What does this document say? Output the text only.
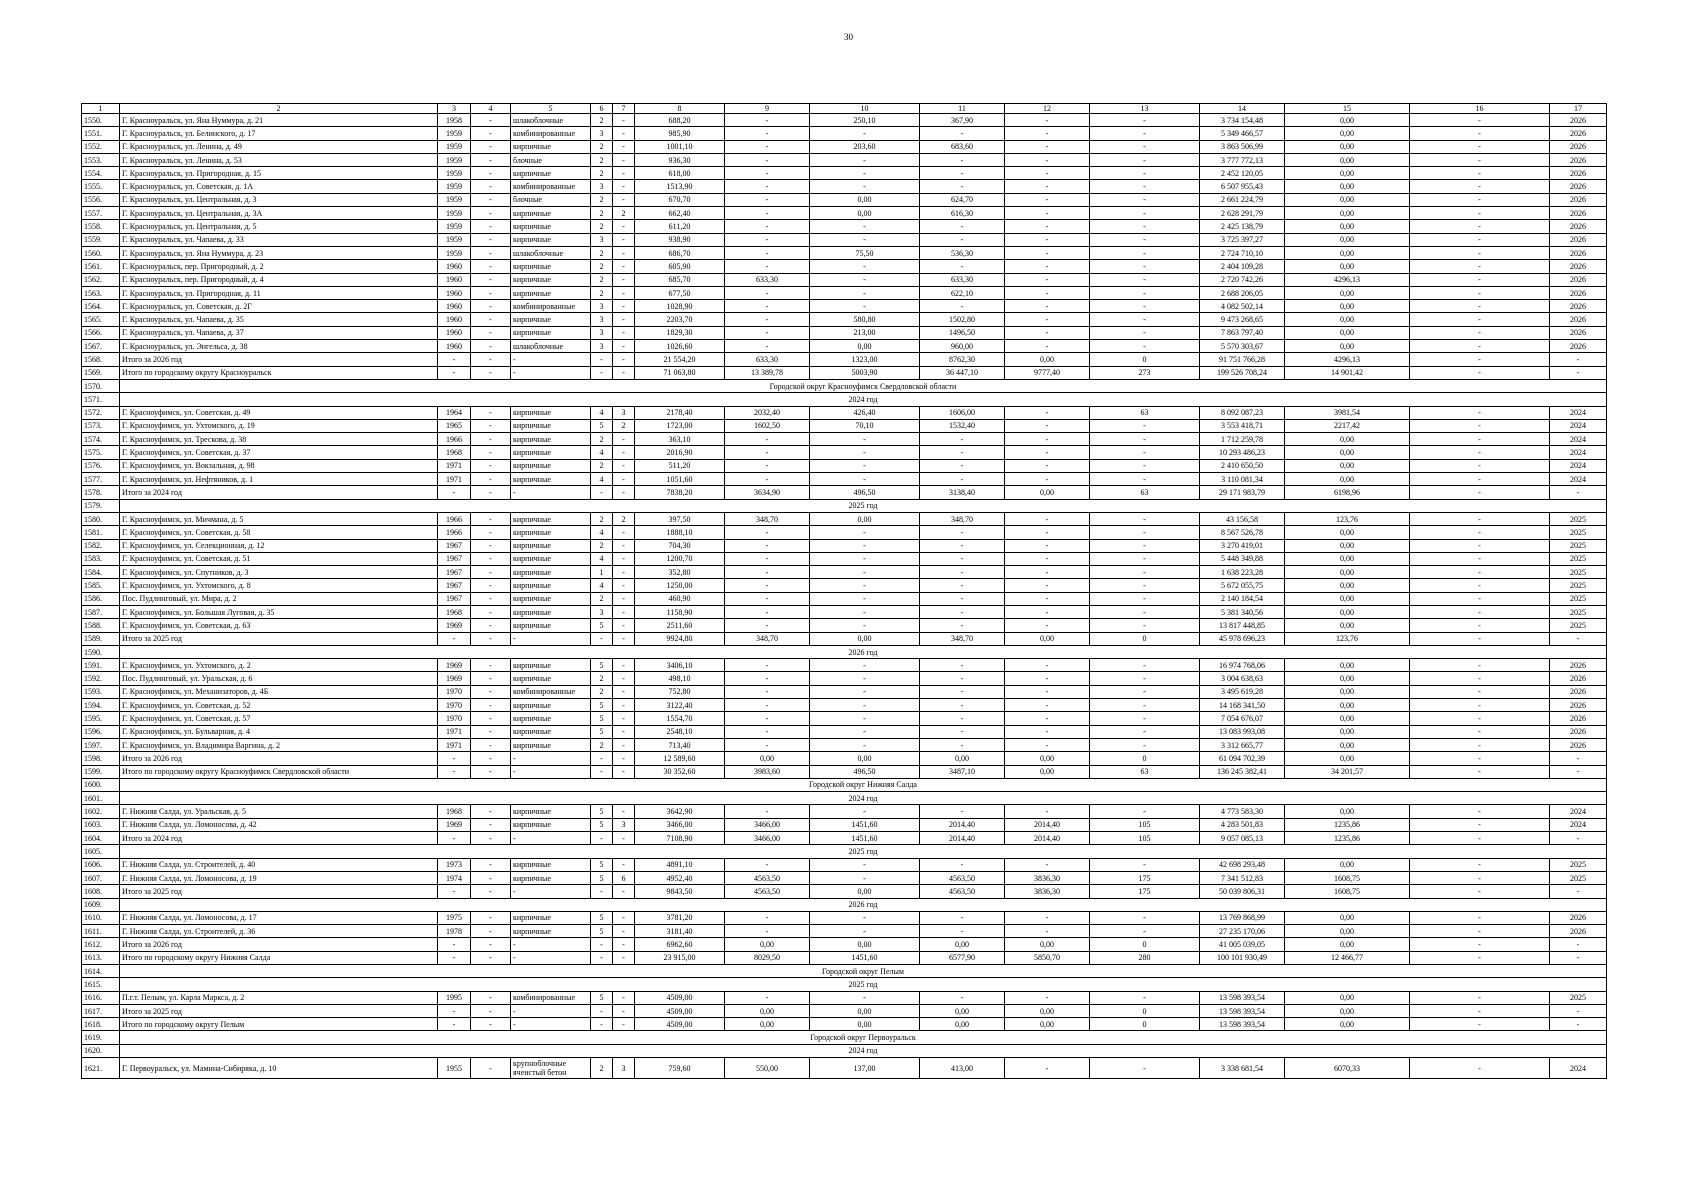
30
1	2	3	4	5	6	7	8	9	10	11	12	13	14	15	16	17
1550.	Г. Красноуральск, ул. Яна Нуммура, д. 21	1958	-	шлакоблочные	2	-	688,20	-	250,10	367,90	-	-	3 734 154,48	0,00	-	2026
1551.	Г. Красноуральск, ул. Белинского, д. 17	1959	-	комбинированные	3	-	985,90	-	-	-	-	-	5 349 466,57	0,00	-	2026
1552.	Г. Красноуральск, ул. Ленина, д. 49	1959	-	кирпичные	2	-	1001,10	-	203,60	683,60	-	-	3 863 506,99	0,00	-	2026
1553.	Г. Красноуральск, ул. Ленина, д. 53	1959	-	блочные	2	-	936,30	-	-	-	-	-	3 777 772,13	0,00	-	2026
1554.	Г. Красноуральск, ул. Пригородная, д. 15	1959	-	кирпичные	2	-	618,00	-	-	-	-	-	2 452 120,05	0,00	-	2026
1555.	Г. Красноуральск, ул. Советская, д. 1А	1959	-	комбинированные	3	-	1513,90	-	-	-	-	-	6 507 955,43	0,00	-	2026
1556.	Г. Красноуральск, ул. Центральная, д. 3	1959	-	блочные	2	-	670,70	-	0,00	624,70	-	-	2 661 224,79	0,00	-	2026
1557.	Г. Красноуральск, ул. Центральная, д. 3А	1959	-	кирпичные	2	2	662,40	-	0,00	616,30	-	-	2 628 291,79	0,00	-	2026
1558.	Г. Красноуральск, ул. Центральная, д. 5	1959	-	кирпичные	2	-	611,20	-	-	-	-	-	2 425 138,79	0,00	-	2026
1559.	Г. Красноуральск, ул. Чапаева, д. 33	1959	-	кирпичные	3	-	938,90	-	-	-	-	-	3 725 397,27	0,00	-	2026
1560.	Г. Красноуральск, ул. Яна Нуммура, д. 23	1959	-	шлакоблочные	2	-	686,70	-	75,50	536,30	-	-	2 724 710,10	0,00	-	2026
1561.	Г. Красноуральск, пер. Пригородный, д. 2	1960	-	кирпичные	2	-	605,90	-	-	-	-	-	2 404 109,28	0,00	-	2026
1562.	Г. Красноуральск, пер. Пригородный, д. 4	1960	-	кирпичные	2	-	685,70	633,30	-	633,30	-	-	2 720 742,26	4296,13	-	2026
1563.	Г. Красноуральск, ул. Пригородная, д. 11	1960	-	кирпичные	2	-	677,50	-	-	622,10	-	-	2 688 206,05	0,00	-	2026
1564.	Г. Красноуральск, ул. Советская, д. 2Г	1960	-	комбинированные	3	-	1028,90	-	-	-	-	-	4 082 502,14	0,00	-	2026
1565.	Г. Красноуральск, ул. Чапаева, д. 35	1960	-	кирпичные	3	-	2203,70	-	580,80	1502,80	-	-	9 473 268,65	0,00	-	2026
1566.	Г. Красноуральск, ул. Чапаева, д. 37	1960	-	кирпичные	3	-	1829,30	-	213,00	1496,50	-	-	7 863 797,40	0,00	-	2026
1567.	Г. Красноуральск, ул. Энгельса, д. 38	1960	-	шлакоблочные	3	-	1026,60	-	0,00	960,00	-	-	5 570 303,67	0,00	-	2026
1568.	Итого за 2026 год	-	-	-	-	-	21 554,20	633,30	1323,00	8762,30	0,00	0	91 751 766,28	4296,13	-	-
1569.	Итого по городскому округу Красноуральск	-	-	-	-	-	71 063,80	13 389,78	5003,90	36 447,10	9777,40	273	199 526 708,24	14 901,42	-	-
1570.	Городской округ Красноуфимск Свердловской области															
1571.	2024 год															
1572.	Г. Красноуфимск, ул. Советская, д. 49	1964	-	кирпичные	4	3	2178,40	2032,40	426,40	1606,00	-	63	8 092 087,23	3981,54	-	2024
1573.	Г. Красноуфимск, ул. Ухтомского, д. 19	1965	-	кирпичные	5	2	1723,00	1602,50	70,10	1532,40	-	-	3 553 418,71	2217,42	-	2024
1574.	Г. Красноуфимск, ул. Трескова, д. 38	1966	-	кирпичные	2	-	363,10	-	-	-	-	-	1 712 259,78	0,00	-	2024
1575.	Г. Красноуфимск, ул. Советская, д. 37	1968	-	кирпичные	4	-	2016,90	-	-	-	-	-	10 293 486,23	0,00	-	2024
1576.	Г. Красноуфимск, ул. Вокзальная, д. 98	1971	-	кирпичные	2	-	511,20	-	-	-	-	-	2 410 650,50	0,00	-	2024
1577.	Г. Красноуфимск, ул. Нефтяников, д. 1	1971	-	кирпичные	4	-	1051,60	-	-	-	-	-	3 110 081,34	0,00	-	2024
1578.	Итого за 2024 год	-	-	-	-	-	7838,20	3634,90	496,50	3138,40	0,00	63	29 171 983,79	6198,96	-	-
1579.	2025 год															
1580.	Г. Красноуфимск, ул. Мичмана, д. 5	1966	-	кирпичные	2	2	397,50	348,70	0,00	348,70	-	-	43 156,58	123,76	-	2025
1581.	Г. Красноуфимск, ул. Советская, д. 58	1966	-	кирпичные	4	-	1888,10	-	-	-	-	-	8 567 526,78	0,00	-	2025
1582.	Г. Красноуфимск, ул. Селекционная, д. 12	1967	-	кирпичные	2	-	704,30	-	-	-	-	-	3 270 419,01	0,00	-	2025
1583.	Г. Красноуфимск, ул. Советская, д. 51	1967	-	кирпичные	4	-	1200,70	-	-	-	-	-	5 448 349,88	0,00	-	2025
1584.	Г. Красноуфимск, ул. Спутников, д. 3	1967	-	кирпичные	1	-	352,80	-	-	-	-	-	1 638 223,28	0,00	-	2025
1585.	Г. Красноуфимск, ул. Ухтомского, д. 8	1967	-	кирпичные	4	-	1250,00	-	-	-	-	-	5 672 055,75	0,00	-	2025
1586.	Пос. Пудлинговый, ул. Мира, д. 2	1967	-	кирпичные	2	-	460,90	-	-	-	-	-	2 140 184,54	0,00	-	2025
1587.	Г. Красноуфимск, ул. Большая Луговая, д. 35	1968	-	кирпичные	3	-	1158,90	-	-	-	-	-	5 381 340,56	0,00	-	2025
1588.	Г. Красноуфимск, ул. Советская, д. 63	1969	-	кирпичные	5	-	2511,60	-	-	-	-	-	13 817 448,85	0,00	-	2025
1589.	Итого за 2025 год	-	-	-	-	-	9924,80	348,70	0,00	348,70	0,00	0	45 978 696,23	123,76	-	-
1590.	2026 год															
1591.	Г. Красноуфимск, ул. Ухтомского, д. 2	1969	-	кирпичные	5	-	3406,10	-	-	-	-	-	16 974 768,06	0,00	-	2026
1592.	Пос. Пудлинговый, ул. Уральская, д. 6	1969	-	кирпичные	2	-	498,10	-	-	-	-	-	3 004 638,63	0,00	-	2026
1593.	Г. Красноуфимск, ул. Механизаторов, д. 4Б	1970	-	комбинированные	2	-	752,80	-	-	-	-	-	3 495 619,28	0,00	-	2026
1594.	Г. Красноуфимск, ул. Советская, д. 52	1970	-	кирпичные	5	-	3122,40	-	-	-	-	-	14 168 341,50	0,00	-	2026
1595.	Г. Красноуфимск, ул. Советская, д. 57	1970	-	кирпичные	5	-	1554,70	-	-	-	-	-	7 054 676,07	0,00	-	2026
1596.	Г. Красноуфимск, ул. Бульварная, д. 4	1971	-	кирпичные	5	-	2548,10	-	-	-	-	-	13 083 993,08	0,00	-	2026
1597.	Г. Красноуфимск, ул. Владимира Варгина, д. 2	1971	-	кирпичные	2	-	713,40	-	-	-	-	-	3 312 665,77	0,00	-	2026
1598.	Итого за 2026 год	-	-	-	-	-	12 589,60	0,00	0,00	0,00	0,00	0	61 094 702,39	0,00	-	-
1599.	Итого по городскому округу Красноуфимск Свердловской области	-	-	-	-	-	30 352,60	3983,60	496,50	3487,10	0,00	63	136 245 382,41	34 201,57	-	-
1600.	Городской округ Нижняя Салда															
1601.	2024 год															
1602.	Г. Нижняя Салда, ул. Уральская, д. 5	1968	-	кирпичные	5	-	3642,90	-	-	-	-	-	4 773 583,30	0,00	-	2024
1603.	Г. Нижняя Салда, ул. Ломоносова, д. 42	1969	-	кирпичные	5	3	3466,00	3466,00	1451,60	2014,40	2014,40	105	4 283 501,83	1235,86	-	2024
1604.	Итого за 2024 год	-	-	-	-	-	7108,90	3466,00	1451,60	2014,40	2014,40	105	9 057 085,13	1235,86	-	-
1605.	2025 год															
1606.	Г. Нижняя Салда, ул. Строителей, д. 40	1973	-	кирпичные	5	-	4891,10	-	-	-	-	-	42 698 293,48	0,00	-	2025
1607.	Г. Нижняя Салда, ул. Ломоносова, д. 19	1974	-	кирпичные	5	6	4952,40	4563,50	-	4563,50	3836,30	175	7 341 512,83	1608,75	-	2025
1608.	Итого за 2025 год	-	-	-	-	-	9843,50	4563,50	0,00	4563,50	3836,30	175	50 039 806,31	1608,75	-	-
1609.	2026 год															
1610.	Г. Нижняя Салда, ул. Ломоносова, д. 17	1975	-	кирпичные	5	-	3781,20	-	-	-	-	-	13 769 868,99	0,00	-	2026
1611.	Г. Нижняя Салда, ул. Строителей, д. 36	1978	-	кирпичные	5	-	3181,40	-	-	-	-	-	27 235 170,06	0,00	-	2026
1612.	Итого за 2026 год	-	-	-	-	-	6962,60	0,00	0,00	0,00	0,00	0	41 005 039,05	0,00	-	-
1613.	Итого по городскому округу Нижняя Салда	-	-	-	-	-	23 915,00	8029,50	1451,60	6577,90	5850,70	280	100 101 930,49	12 466,77	-	-
1614.	Городской округ Пелым															
1615.	2025 год															
1616.	П.г.т. Пелым, ул. Карла Маркса, д. 2	1995	-	комбинированные	5	-	4509,00	-	-	-	-	-	13 598 393,54	0,00	-	2025
1617.	Итого за 2025 год	-	-	-	-	-	4509,00	0,00	0,00	0,00	0,00	0	13 598 393,54	0,00	-	-
1618.	Итого по городскому округу Пелым	-	-	-	-	-	4509,00	0,00	0,00	0,00	0,00	0	13 598 393,54	0,00	-	-
1619.	Городской округ Первоуральск															
1620.	2024 год															
1621.	Г. Первоуральск, ул. Мамина-Сибиряка, д. 10	1955	-	крупноблочные ячеистый бетон	2	3	759,60	550,00	137,00	413,00	-	-	3 338 681,54	6070,33	-	2024
